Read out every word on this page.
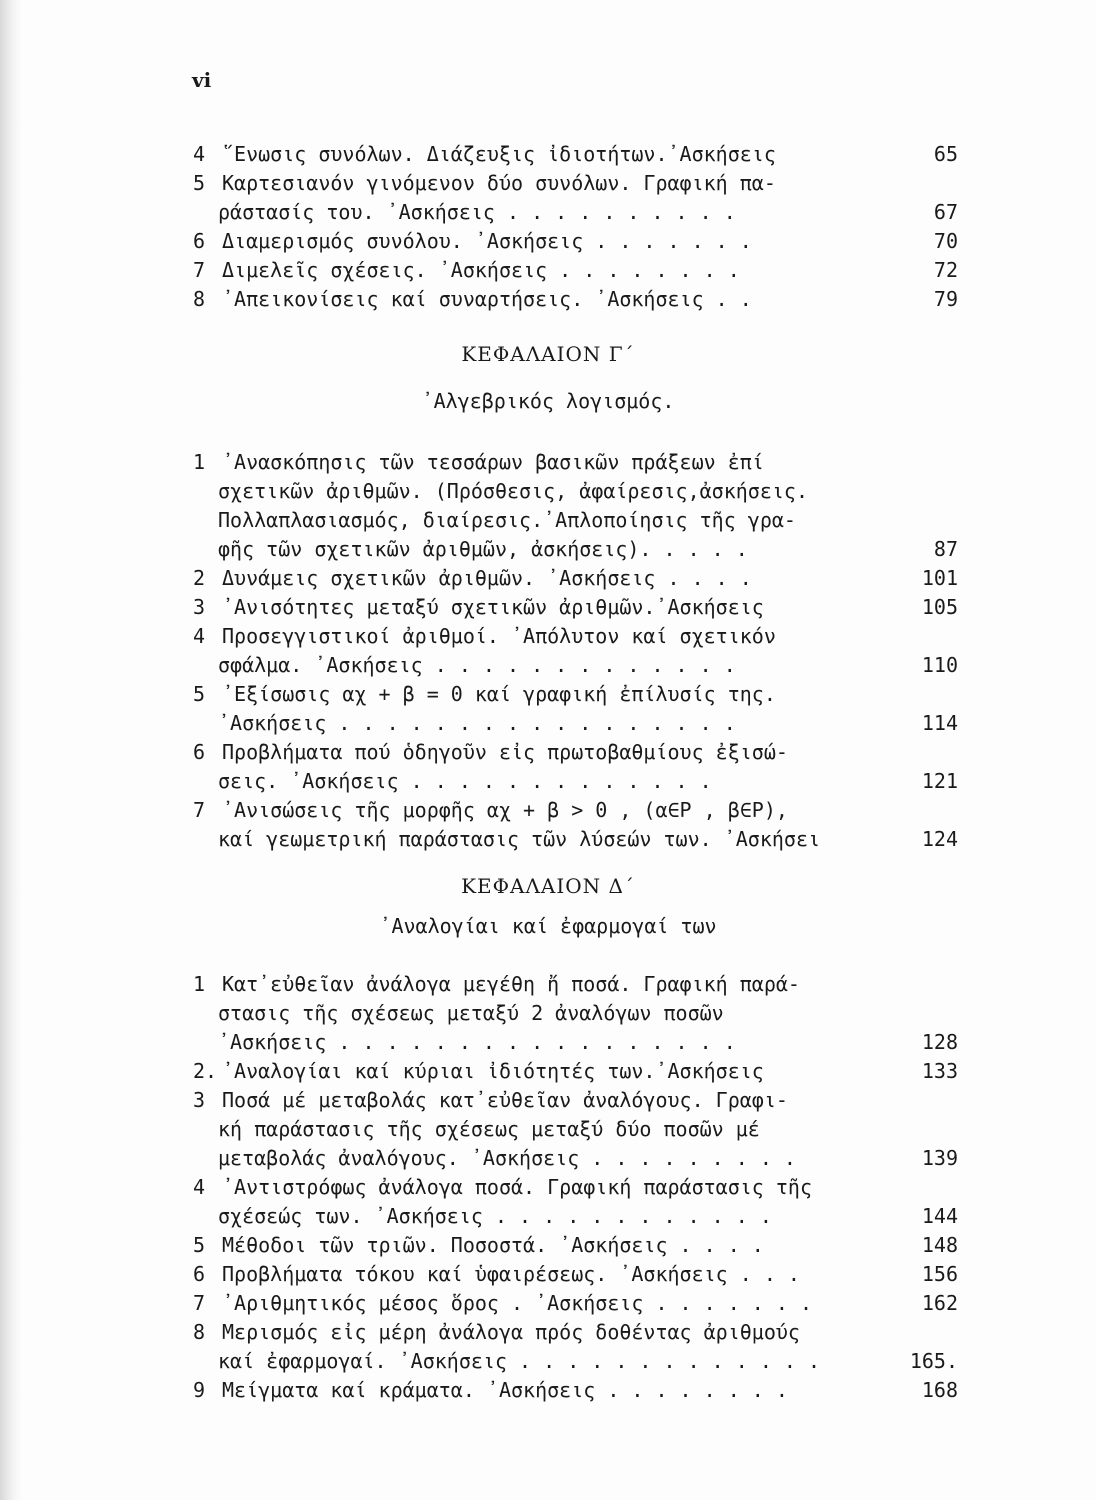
vi
4 ῞Ενωσις συνόλων. Διάζευξις ἰδιοτήτων.᾽Ασκήσεις	65
5 Καρτεσιανόν γινόμενον δύο συνόλων. Γραφική πα-
ράστασίς του. ᾽Ασκήσεις . . . . . . . . . .	67
6 Διαμερισμός συνόλου. ᾽Ασκήσεις . . . . . . .	70
7 Διμελεῖς σχέσεις. ᾽Ασκήσεις . . . . . . . .	72
8 ᾽Απεικονίσεις καί συναρτήσεις. ᾽Ασκήσεις . .	79
ΚΕΦΑΛΑΙΟΝ Γ΄
᾽Αλγεβρικός λογισμός.
1 ᾽Ανασκόπησις τῶν τεσσάρων βασικῶν πράξεων ἐπί
σχετικῶν ἀριθμῶν. (Πρόσθεσις, ἀφαίρεσις,ἀσκήσεις.
Πολλαπλασιασμός, διαίρεσις.᾽Απλοποίησις τῆς γρα-
φῆς τῶν σχετικῶν ἀριθμῶν, ἀσκήσεις). . . . .	87
2 Δυνάμεις σχετικῶν ἀριθμῶν. ᾽Ασκήσεις . . . .	101
3 ᾽Ανισότητες μεταξύ σχετικῶν ἀριθμῶν.᾽Ασκήσεις	105
4 Προσεγγιστικοί ἀριθμοί. ᾽Απόλυτον καί σχετικόν
σφάλμα. ᾽Ασκήσεις . . . . . . . . . . . . .	110
5 ᾽Εξίσωσις αχ + β = 0 καί γραφική ἐπίλυσίς της.
᾽Ασκήσεις . . . . . . . . . . . . . . . . .	114
6 Προβλήματα πού ὁδηγοῦν εἰς πρωτοβαθμίους ἐξισώ-
σεις. ᾽Ασκήσεις . . . . . . . . . . . . .	121
7 ᾽Ανισώσεις τῆς μορφῆς αχ + β > 0 , (α∈Ρ , β∈Ρ),
καί γεωμετρική παράστασις τῶν λύσεών των. ᾽Ασκήσει	124
ΚΕΦΑΛΑΙΟΝ Δ΄
᾽Αναλογίαι καί ἐφαρμογαί των
1 Κατ᾽εὐθεῖαν ἀνάλογα μεγέθη ἤ ποσά. Γραφική παρά-
στασις τῆς σχέσεως μεταξύ 2 ἀναλόγων ποσῶν
᾽Ασκήσεις . . . . . . . . . . . . . . . . .	128
2. ᾽Αναλογίαι καί κύριαι ἰδιότητές των.᾽Ασκήσεις	133
3 Ποσά μέ μεταβολάς κατ᾽εὐθεῖαν ἀναλόγους. Γραφι-
κή παράστασις τῆς σχέσεως μεταξύ δύο ποσῶν μέ
μεταβολάς ἀναλόγους. ᾽Ασκήσεις . . . . . . . . .	139
4 ᾽Αντιστρόφως ἀνάλογα ποσά. Γραφική παράστασις τῆς
σχέσεώς των. ᾽Ασκήσεις . . . . . . . . . . . .	144
5 Μέθοδοι τῶν τριῶν. Ποσοστά. ᾽Ασκήσεις . . . .	148
6 Προβλήματα τόκου καί ὑφαιρέσεως. ᾽Ασκήσεις . . .	156
7 ᾽Αριθμητικός μέσος ὅρος . ᾽Ασκήσεις . . . . . . .	162
8 Μερισμός εἰς μέρη ἀνάλογα πρός δοθέντας ἀριθμούς
καί ἐφαρμογαί. ᾽Ασκήσεις . . . . . . . . . . . . .	165.
9 Μείγματα καί κράματα. ᾽Ασκήσεις . . . . . . . .	168
